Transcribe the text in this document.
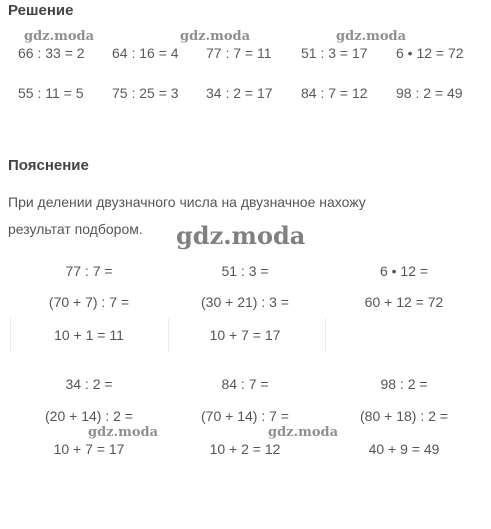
Решение
Пояснение
66 : 33 = 2 64 : 16 = 4 77 : 7 = 11 51 : 3 = 17 6 • 12 = 72
55 : 11 = 5 75 : 25 = 3 34 : 2 = 17 84 : 7 = 12 98 : 2 = 49
При делении двузначного числа на двузначное нахожу
результат подбором.
77 : 7 =
(70 + 7) : 7 =
10 + 1 = 11
51 : 3 =
(30 + 21) : 3 =
10 + 7 = 17
6 • 12 =
60 + 12 = 72
34 : 2 =
(20 + 14) : 2 =
10 + 7 = 17
84 : 7 =
(70 + 14) : 7 =
10 + 2 = 12
98 : 2 =
(80 + 18) : 2 =
40 + 9 = 49
gdz.moda	gdz.moda	gdz.moda
gdz.moda
gdz.moda	gdz.moda
